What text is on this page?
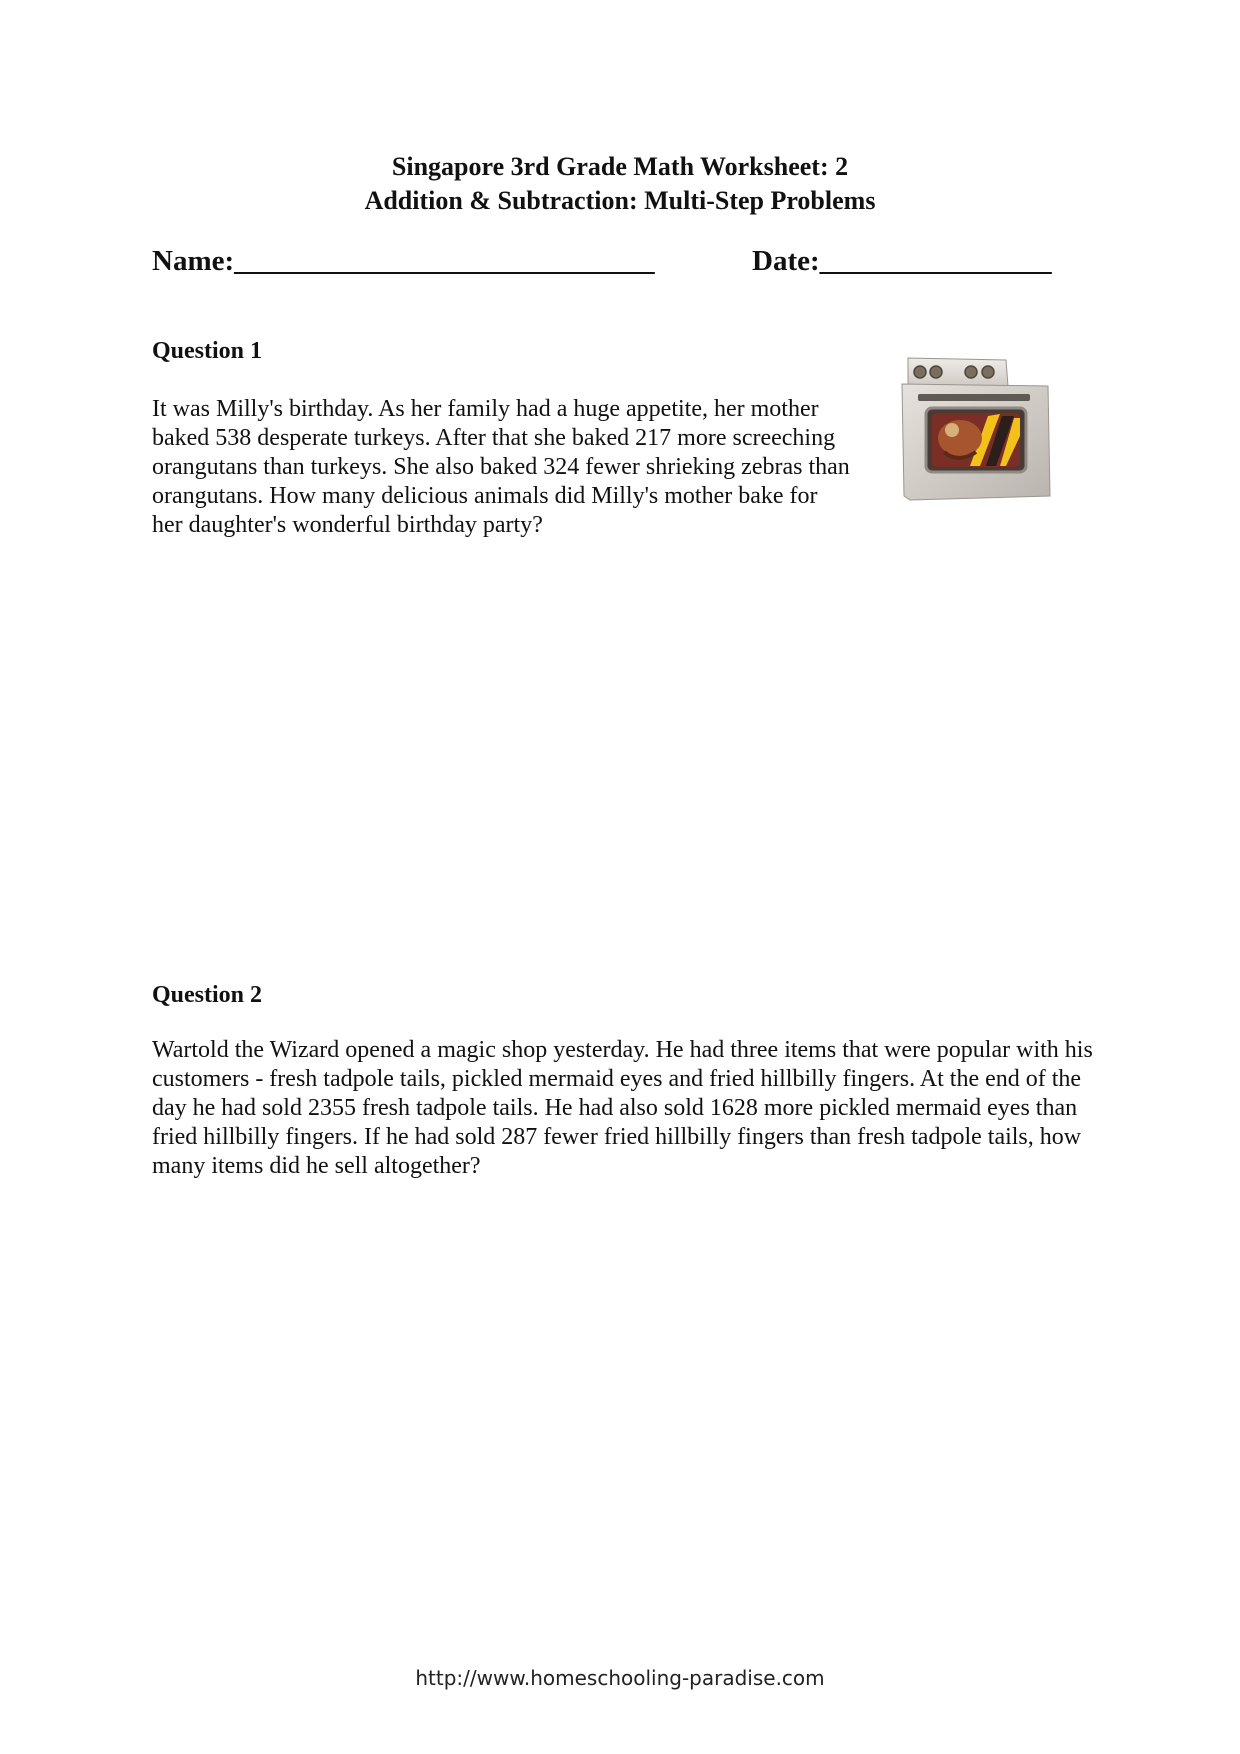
Singapore 3rd Grade Math Worksheet: 2
Addition & Subtraction: Multi-Step Problems
Name:_____________________________	Date:________________
Question 1

It was Milly's birthday. As her family had a huge appetite, her mother baked 538 desperate turkeys. After that she baked 217 more screeching orangutans than turkeys. She also baked 324 fewer shrieking zebras than orangutans. How many delicious animals did Milly's mother bake for her daughter's wonderful birthday party?

Question 2

Wartold the Wizard opened a magic shop yesterday. He had three items that were popular with his customers - fresh tadpole tails, pickled mermaid eyes and fried hillbilly fingers. At the end of the day he had sold 2355 fresh tadpole tails. He had also sold 1628 more pickled mermaid eyes than fried hillbilly fingers. If he had sold 287 fewer fried hillbilly fingers than fresh tadpole tails, how many items did he sell altogether?

http://www.homeschooling-paradise.com
